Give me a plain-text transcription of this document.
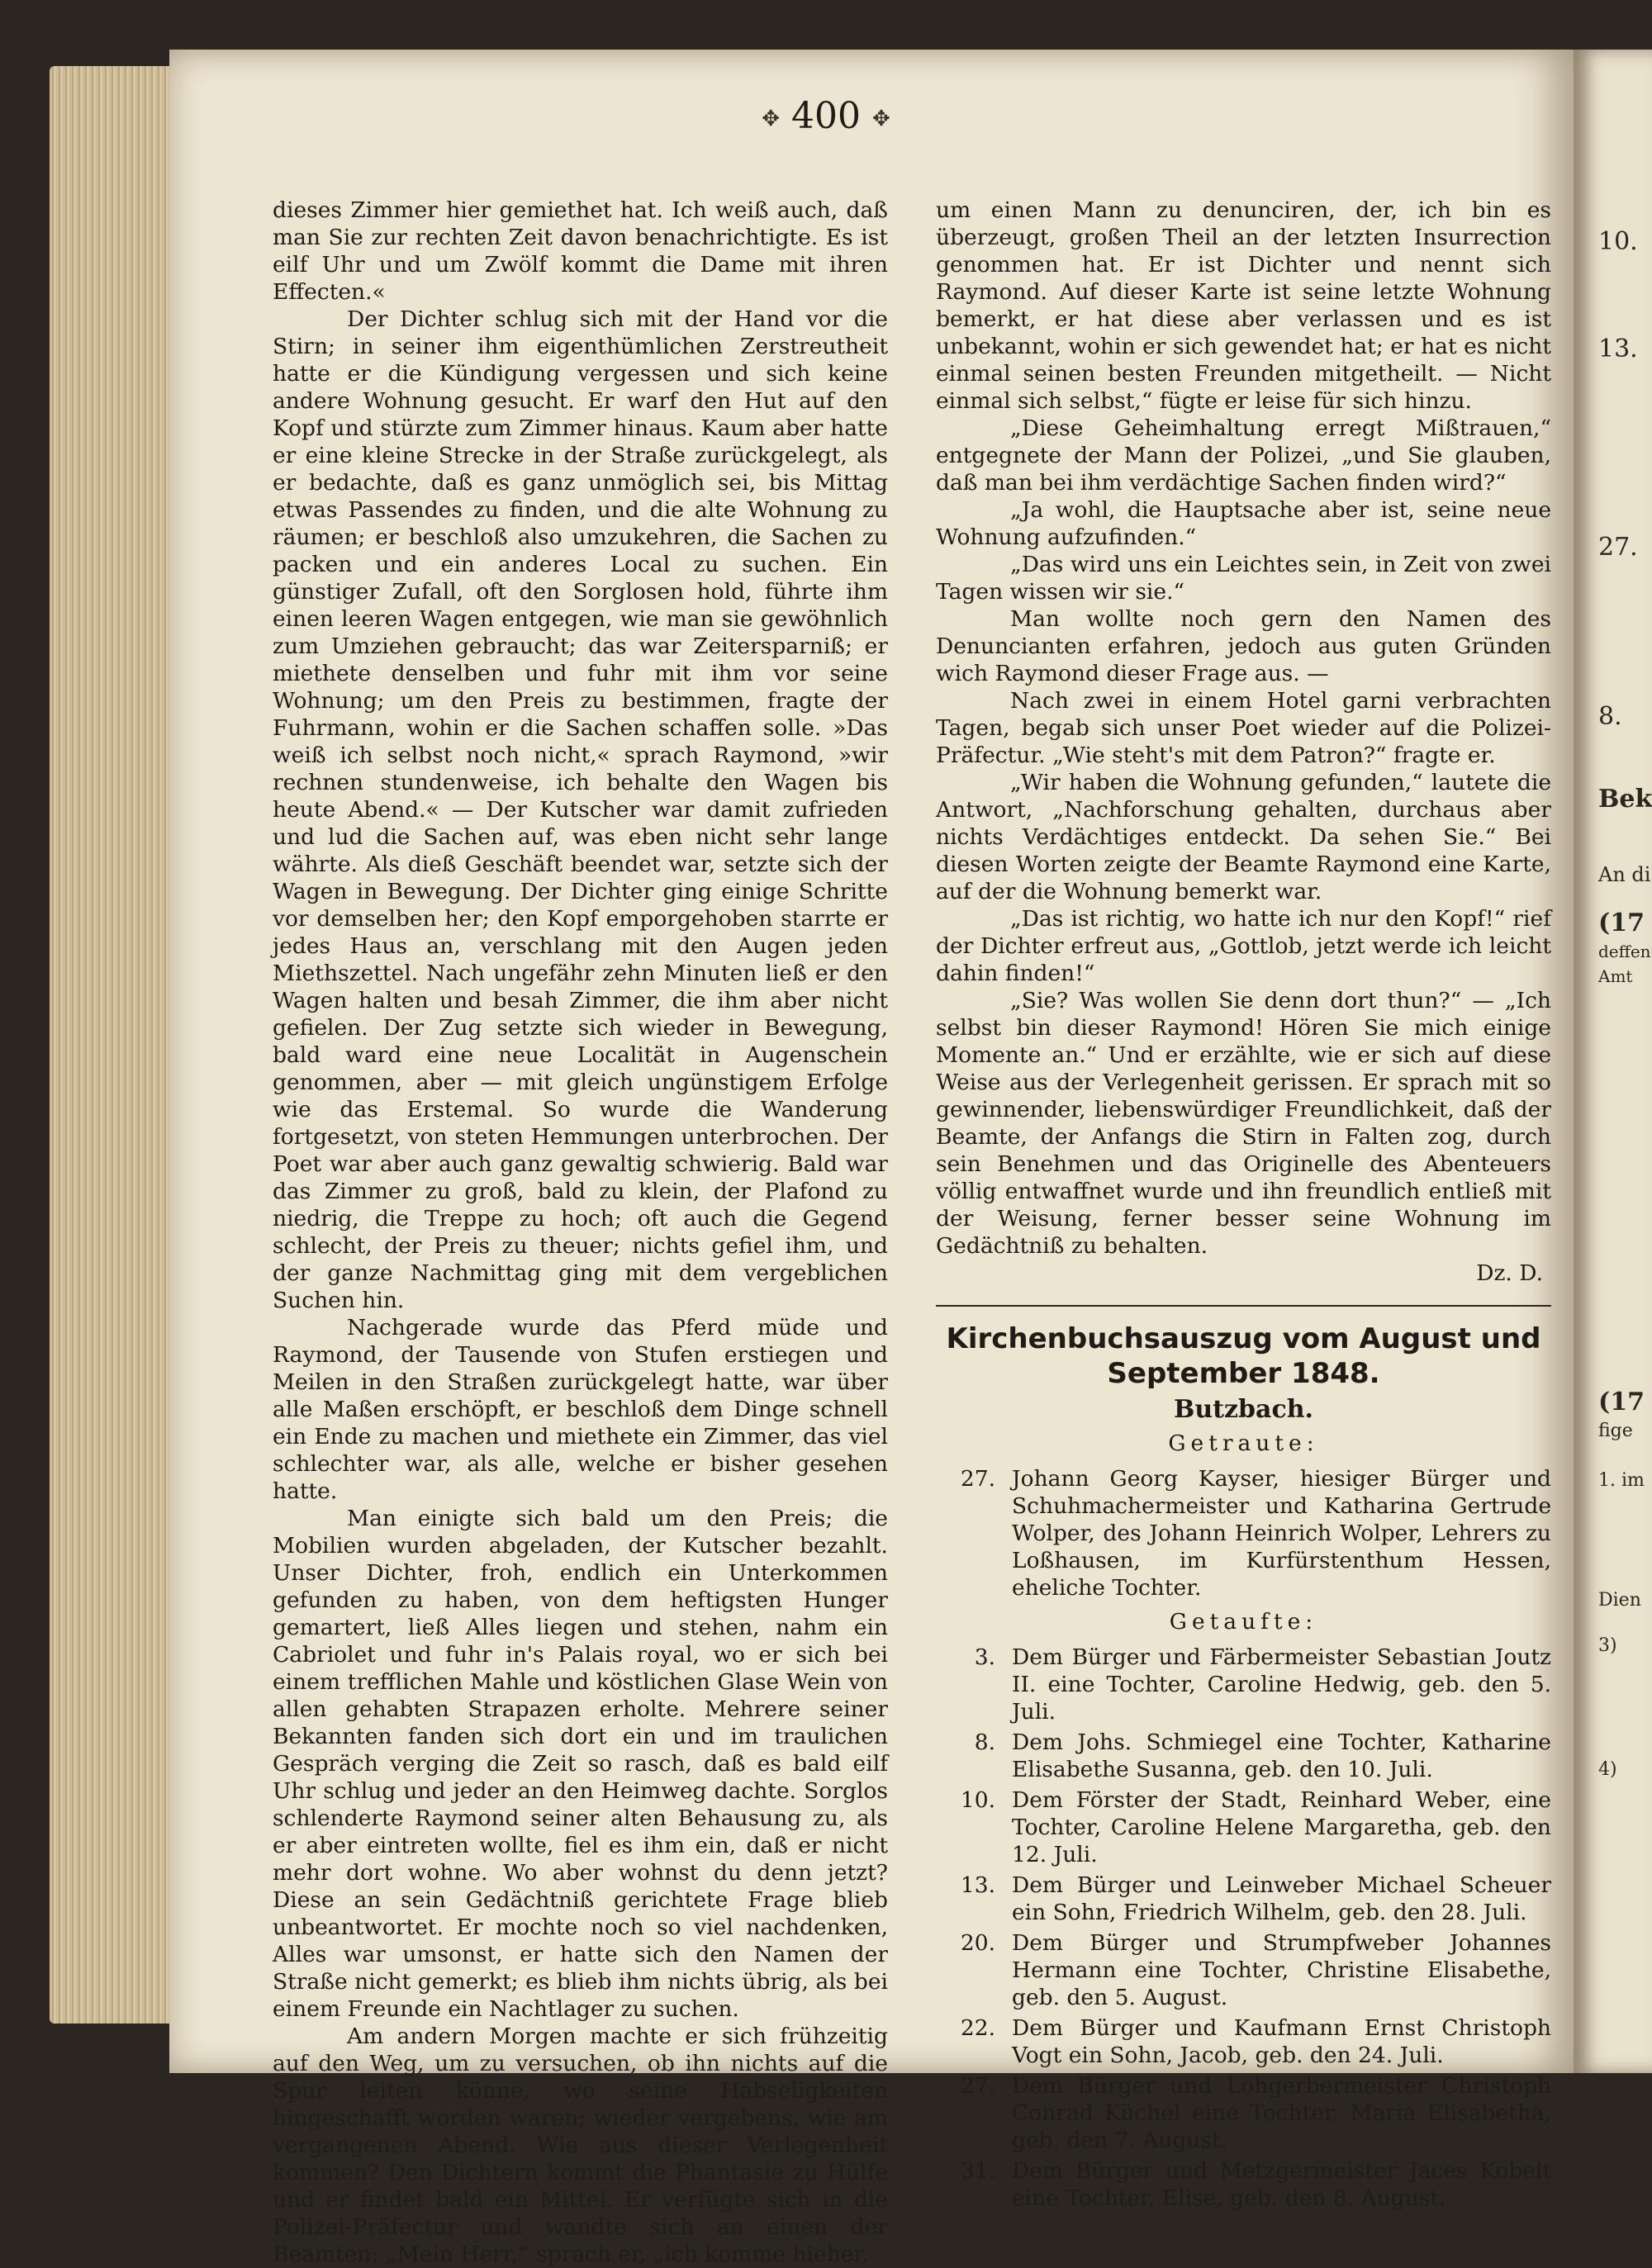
10.
13.
27.
8.
Bek
An di
(17
deffen
Amt
(17
fige
1. im
Dien
3)
4)
✥ 400 ✥

dieses Zimmer hier gemiethet hat. Ich weiß auch, daß man Sie zur rechten Zeit davon benachrichtigte. Es ist eilf Uhr und um Zwölf kommt die Dame mit ihren Effecten.«

Der Dichter schlug sich mit der Hand vor die Stirn; in seiner ihm eigenthümlichen Zerstreutheit hatte er die Kündigung vergessen und sich keine andere Wohnung gesucht. Er warf den Hut auf den Kopf und stürzte zum Zimmer hinaus. Kaum aber hatte er eine kleine Strecke in der Straße zurückgelegt, als er bedachte, daß es ganz unmöglich sei, bis Mittag etwas Passendes zu finden, und die alte Wohnung zu räumen; er beschloß also umzukehren, die Sachen zu packen und ein anderes Local zu suchen. Ein günstiger Zufall, oft den Sorglosen hold, führte ihm einen leeren Wagen entgegen, wie man sie gewöhnlich zum Umziehen gebraucht; das war Zeitersparniß; er miethete denselben und fuhr mit ihm vor seine Wohnung; um den Preis zu bestimmen, fragte der Fuhrmann, wohin er die Sachen schaffen solle. »Das weiß ich selbst noch nicht,« sprach Raymond, »wir rechnen stundenweise, ich behalte den Wagen bis heute Abend.« — Der Kutscher war damit zufrieden und lud die Sachen auf, was eben nicht sehr lange währte. Als dieß Geschäft beendet war, setzte sich der Wagen in Bewegung. Der Dichter ging einige Schritte vor demselben her; den Kopf emporgehoben starrte er jedes Haus an, verschlang mit den Augen jeden Miethszettel. Nach ungefähr zehn Minuten ließ er den Wagen halten und besah Zimmer, die ihm aber nicht gefielen. Der Zug setzte sich wieder in Bewegung, bald ward eine neue Localität in Augenschein genommen, aber — mit gleich ungünstigem Erfolge wie das Erstemal. So wurde die Wanderung fortgesetzt, von steten Hemmungen unterbrochen. Der Poet war aber auch ganz gewaltig schwierig. Bald war das Zimmer zu groß, bald zu klein, der Plafond zu niedrig, die Treppe zu hoch; oft auch die Gegend schlecht, der Preis zu theuer; nichts gefiel ihm, und der ganze Nachmittag ging mit dem vergeblichen Suchen hin.

Nachgerade wurde das Pferd müde und Raymond, der Tausende von Stufen erstiegen und Meilen in den Straßen zurückgelegt hatte, war über alle Maßen erschöpft, er beschloß dem Dinge schnell ein Ende zu machen und miethete ein Zimmer, das viel schlechter war, als alle, welche er bisher gesehen hatte.

Man einigte sich bald um den Preis; die Mobilien wurden abgeladen, der Kutscher bezahlt. Unser Dichter, froh, endlich ein Unterkommen gefunden zu haben, von dem heftigsten Hunger gemartert, ließ Alles liegen und stehen, nahm ein Cabriolet und fuhr in's Palais royal, wo er sich bei einem trefflichen Mahle und köstlichen Glase Wein von allen gehabten Strapazen erholte. Mehrere seiner Bekannten fanden sich dort ein und im traulichen Gespräch verging die Zeit so rasch, daß es bald eilf Uhr schlug und jeder an den Heimweg dachte. Sorglos schlenderte Raymond seiner alten Behausung zu, als er aber eintreten wollte, fiel es ihm ein, daß er nicht mehr dort wohne. Wo aber wohnst du denn jetzt? Diese an sein Gedächtniß gerichtete Frage blieb unbeantwortet. Er mochte noch so viel nachdenken, Alles war umsonst, er hatte sich den Namen der Straße nicht gemerkt; es blieb ihm nichts übrig, als bei einem Freunde ein Nachtlager zu suchen.

Am andern Morgen machte er sich frühzeitig auf den Weg, um zu versuchen, ob ihn nichts auf die Spur leiten könne, wo seine Habseligkeiten hingeschafft worden waren; wieder vergebens, wie am vergangenen Abend. Wie aus dieser Verlegenheit kommen? Den Dichtern kommt die Phantasie zu Hülfe und er findet bald ein Mittel. Er verfügte sich in die Polizei-Präfectur und wandte sich an einen der Beamten: „Mein Herr,“ sprach er, „ich komme hieher,

um einen Mann zu denunciren, der, ich bin es überzeugt, großen Theil an der letzten Insurrection genommen hat. Er ist Dichter und nennt sich Raymond. Auf dieser Karte ist seine letzte Wohnung bemerkt, er hat diese aber verlassen und es ist unbekannt, wohin er sich gewendet hat; er hat es nicht einmal seinen besten Freunden mitgetheilt. — Nicht einmal sich selbst,“ fügte er leise für sich hinzu.

„Diese Geheimhaltung erregt Mißtrauen,“ entgegnete der Mann der Polizei, „und Sie glauben, daß man bei ihm verdächtige Sachen finden wird?“

„Ja wohl, die Hauptsache aber ist, seine neue Wohnung aufzufinden.“

„Das wird uns ein Leichtes sein, in Zeit von zwei Tagen wissen wir sie.“

Man wollte noch gern den Namen des Denuncianten erfahren, jedoch aus guten Gründen wich Raymond dieser Frage aus. —

Nach zwei in einem Hotel garni verbrachten Tagen, begab sich unser Poet wieder auf die Polizei-Präfectur. „Wie steht's mit dem Patron?“ fragte er.

„Wir haben die Wohnung gefunden,“ lautete die Antwort, „Nachforschung gehalten, durchaus aber nichts Verdächtiges entdeckt. Da sehen Sie.“ Bei diesen Worten zeigte der Beamte Raymond eine Karte, auf der die Wohnung bemerkt war.

„Das ist richtig, wo hatte ich nur den Kopf!“ rief der Dichter erfreut aus, „Gottlob, jetzt werde ich leicht dahin finden!“

„Sie? Was wollen Sie denn dort thun?“ — „Ich selbst bin dieser Raymond! Hören Sie mich einige Momente an.“ Und er erzählte, wie er sich auf diese Weise aus der Verlegenheit gerissen. Er sprach mit so gewinnender, liebenswürdiger Freundlichkeit, daß der Beamte, der Anfangs die Stirn in Falten zog, durch sein Benehmen und das Originelle des Abenteuers völlig entwaffnet wurde und ihn freundlich entließ mit der Weisung, ferner besser seine Wohnung im Gedächtniß zu behalten.

Dz. D.
Kirchenbuchsauszug vom August und September 1848.
Butzbach.
Getraute:
27. Johann Georg Kayser, hiesiger Bürger und Schuhmachermeister und Katharina Gertrude Wolper, des Johann Heinrich Wolper, Lehrers zu Loßhausen, im Kurfürstenthum Hessen, eheliche Tochter.
Getaufte:
3. Dem Bürger und Färbermeister Sebastian Joutz II. eine Tochter, Caroline Hedwig, geb. den 5. Juli.
8. Dem Johs. Schmiegel eine Tochter, Katharine Elisabethe Susanna, geb. den 10. Juli.
10. Dem Förster der Stadt, Reinhard Weber, eine Tochter, Caroline Helene Margaretha, geb. den 12. Juli.
13. Dem Bürger und Leinweber Michael Scheuer ein Sohn, Friedrich Wilhelm, geb. den 28. Juli.
20. Dem Bürger und Strumpfweber Johannes Hermann eine Tochter, Christine Elisabethe, geb. den 5. August.
22. Dem Bürger und Kaufmann Ernst Christoph Vogt ein Sohn, Jacob, geb. den 24. Juli.
27. Dem Bürger und Lohgerbermeister Christoph Conrad Küchel eine Tochter, Maria Elisabetha, geb. den 7. August.
31. Dem Bürger und Metzgermeister Jaces Kobelt eine Tochter, Elise, geb. den 8. August.
